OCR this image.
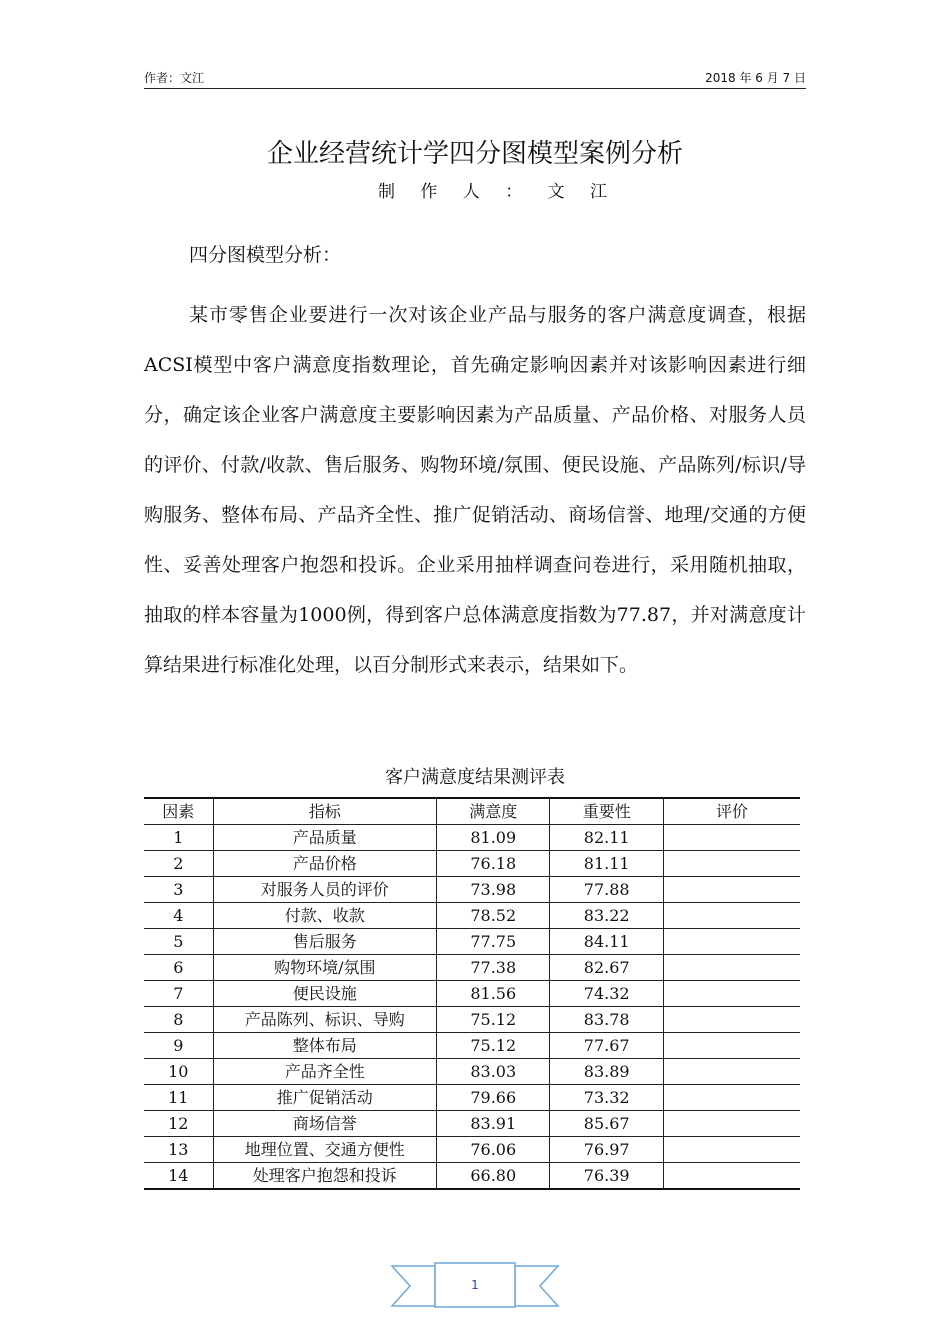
作者：文江	2018 年 6 月 7 日
企业经营统计学四分图模型案例分析
制 作 人 ： 文 江
四分图模型分析：
某市零售企业要进行一次对该企业产品与服务的客户满意度调查，根据ACSI模型中客户满意度指数理论，首先确定影响因素并对该影响因素进行细分，确定该企业客户满意度主要影响因素为产品质量、产品价格、对服务人员的评价、付款/收款、售后服务、购物环境/氛围、便民设施、产品陈列/标识/导购服务、整体布局、产品齐全性、推广促销活动、商场信誉、地理/交通的方便性、妥善处理客户抱怨和投诉。企业采用抽样调查问卷进行，采用随机抽取，抽取的样本容量为1000例，得到客户总体满意度指数为77.87，并对满意度计算结果进行标准化处理，以百分制形式来表示，结果如下。
客户满意度结果测评表
因素	指标	满意度	重要性	评价
1	产品质量	81.09	82.11	
2	产品价格	76.18	81.11	
3	对服务人员的评价	73.98	77.88	
4	付款、收款	78.52	83.22	
5	售后服务	77.75	84.11	
6	购物环境/氛围	77.38	82.67	
7	便民设施	81.56	74.32	
8	产品陈列、标识、导购	75.12	83.78	
9	整体布局	75.12	77.67	
10	产品齐全性	83.03	83.89	
11	推广促销活动	79.66	73.32	
12	商场信誉	83.91	85.67	
13	地理位置、交通方便性	76.06	76.97	
14	处理客户抱怨和投诉	66.80	76.39	
1
